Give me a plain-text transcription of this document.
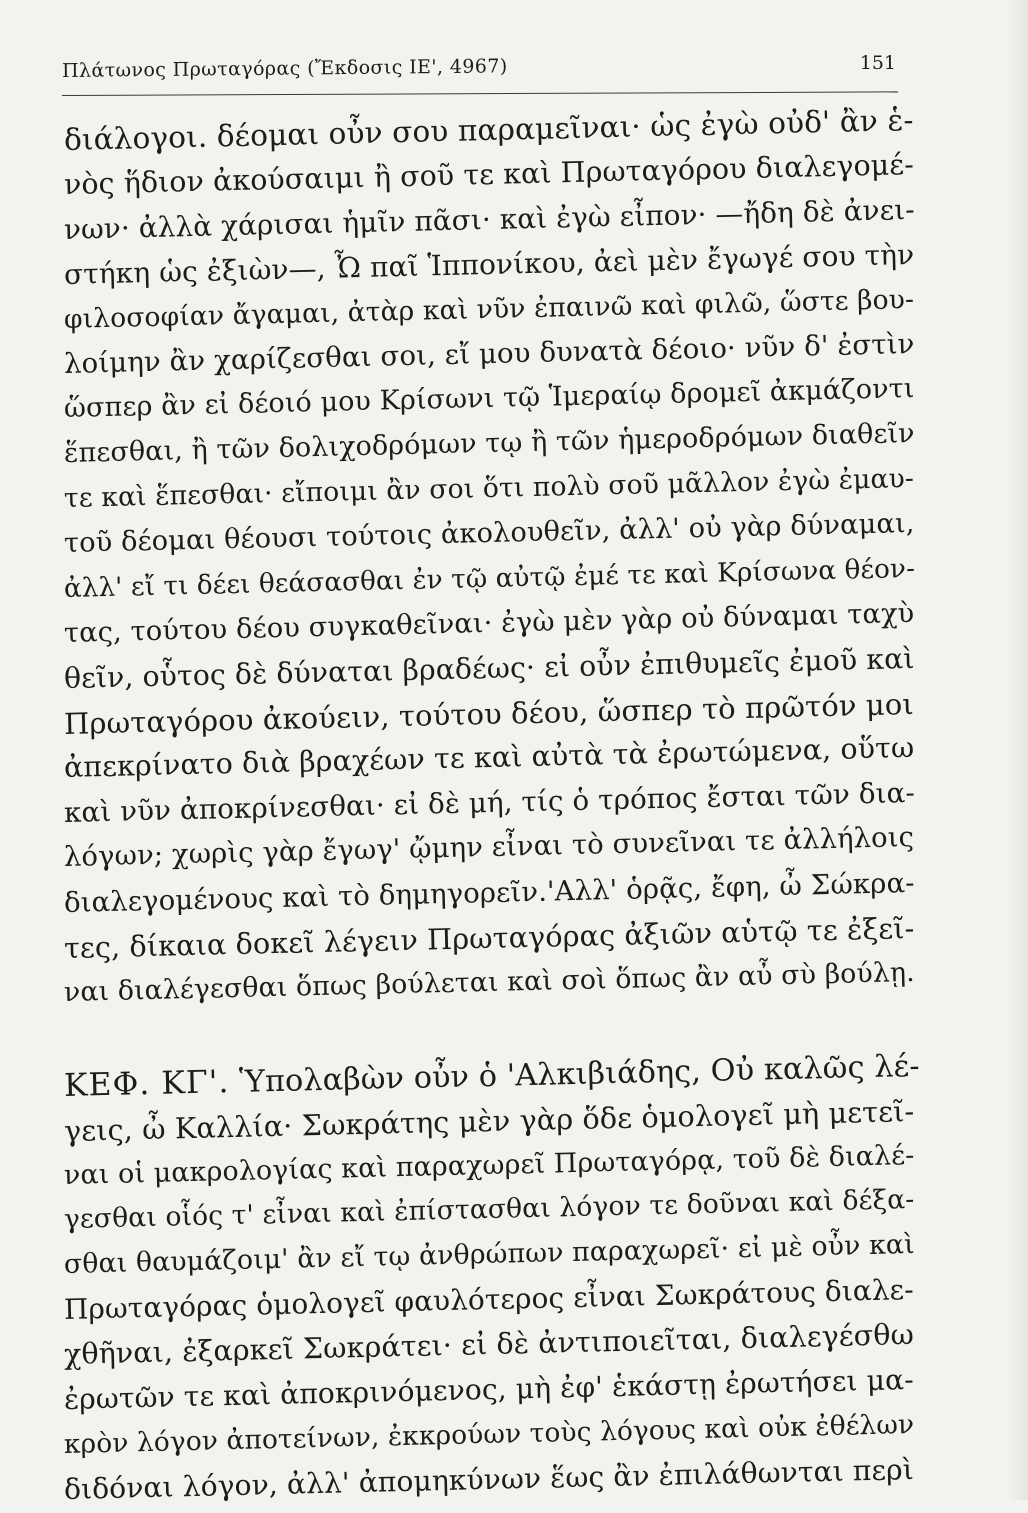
Πλάτωνος Πρωταγόρας (Ἔκδοσις ΙΕ', 4967)	151
διάλογοι. δέομαι οὖν σου παραμεῖναι· ὡς ἐγὼ οὐδ' ἂν ἑ-
νὸς ἥδιον ἀκούσαιμι ἢ σοῦ τε καὶ Πρωταγόρου διαλεγομέ-
νων· ἀλλὰ χάρισαι ἡμῖν πᾶσι· καὶ ἐγὼ εἶπον· —ἤδη δὲ ἀνει-
στήκη ὡς ἐξιὼν—, Ὦ παῖ Ἱππονίκου, ἀεὶ μὲν ἔγωγέ σου τὴν
φιλοσοφίαν ἄγαμαι, ἀτὰρ καὶ νῦν ἐπαινῶ καὶ φιλῶ, ὥστε βου-
λοίμην ἂν χαρίζεσθαι σοι, εἴ μου δυνατὰ δέοιο· νῦν δ' ἐστὶν
ὥσπερ ἂν εἰ δέοιό μου Κρίσωνι τῷ Ἱμεραίῳ δρομεῖ ἀκμάζοντι
ἕπεσθαι, ἢ τῶν δολιχοδρόμων τῳ ἢ τῶν ἡμεροδρόμων διαθεῖν
τε καὶ ἕπεσθαι· εἴποιμι ἂν σοι ὅτι πολὺ σοῦ μᾶλλον ἐγὼ ἐμαυ-
τοῦ δέομαι θέουσι τούτοις ἀκολουθεῖν, ἀλλ' οὐ γὰρ δύναμαι,
ἀλλ' εἴ τι δέει θεάσασθαι ἐν τῷ αὐτῷ ἐμέ τε καὶ Κρίσωνα θέον-
τας, τούτου δέου συγκαθεῖναι· ἐγὼ μὲν γὰρ οὐ δύναμαι ταχὺ
θεῖν, οὗτος δὲ δύναται βραδέως· εἰ οὖν ἐπιθυμεῖς ἐμοῦ καὶ
Πρωταγόρου ἀκούειν, τούτου δέου, ὥσπερ τὸ πρῶτόν μοι
ἀπεκρίνατο διὰ βραχέων τε καὶ αὐτὰ τὰ ἐρωτώμενα, οὕτω
καὶ νῦν ἀποκρίνεσθαι· εἰ δὲ μή, τίς ὁ τρόπος ἔσται τῶν δια-
λόγων; χωρὶς γὰρ ἔγωγ' ᾤμην εἶναι τὸ συνεῖναι τε ἀλλήλοις
διαλεγομένους καὶ τὸ δημηγορεῖν.'Αλλ' ὁρᾷς, ἔφη, ὦ Σώκρα-
τες, δίκαια δοκεῖ λέγειν Πρωταγόρας ἀξιῶν αὑτῷ τε ἐξεῖ-
ναι διαλέγεσθαι ὅπως βούλεται καὶ σοὶ ὅπως ἂν αὖ σὺ βούλῃ.
ΚΕΦ. ΚΓ'. Ὑπολαβὼν οὖν ὁ 'Αλκιβιάδης, Οὐ καλῶς λέ-
γεις, ὦ Καλλία· Σωκράτης μὲν γὰρ ὅδε ὁμολογεῖ μὴ μετεῖ-
ναι οἱ μακρολογίας καὶ παραχωρεῖ Πρωταγόρᾳ, τοῦ δὲ διαλέ-
γεσθαι οἷός τ' εἶναι καὶ ἐπίστασθαι λόγον τε δοῦναι καὶ δέξα-
σθαι θαυμάζοιμ' ἂν εἴ τῳ ἀνθρώπων παραχωρεῖ· εἰ μὲ οὖν καὶ
Πρωταγόρας ὁμολογεῖ φαυλότερος εἶναι Σωκράτους διαλε-
χθῆναι, ἐξαρκεῖ Σωκράτει· εἰ δὲ ἀντιποιεῖται, διαλεγέσθω
ἐρωτῶν τε καὶ ἀποκρινόμενος, μὴ ἐφ' ἑκάστῃ ἐρωτήσει μα-
κρὸν λόγον ἀποτείνων, ἐκκρούων τοὺς λόγους καὶ οὐκ ἐθέλων
διδόναι λόγον, ἀλλ' ἀπομηκύνων ἕως ἂν ἐπιλάθωνται περὶ
